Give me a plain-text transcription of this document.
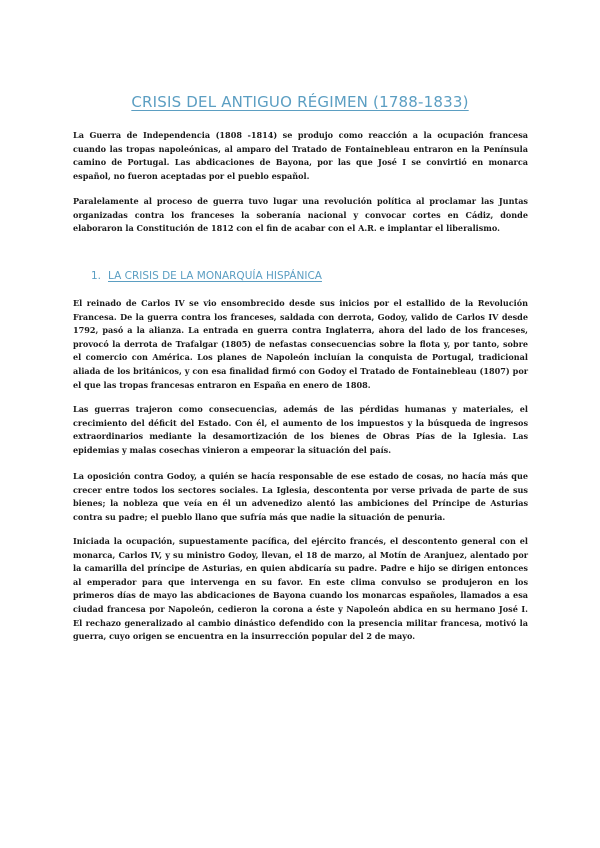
CRISIS DEL ANTIGUO RÉGIMEN (1788-1833)

La Guerra de Independencia (1808 -1814) se produjo como reacción a la ocupación francesa cuando las tropas napoleónicas, al amparo del Tratado de Fontainebleau entraron en la Península camino de Portugal. Las abdicaciones de Bayona, por las que José I se convirtió en monarca español, no fueron aceptadas por el pueblo español.

Paralelamente al proceso de guerra tuvo lugar una revolución política al proclamar las Juntas organizadas contra los franceses la soberanía nacional y convocar cortes en Cádiz, donde elaboraron la Constitución de 1812 con el fin de acabar con el A.R. e implantar el liberalismo.

1. LA CRISIS DE LA MONARQUÍA HISPÁNICA

El reinado de Carlos IV se vio ensombrecido desde sus inicios por el estallido de la Revolución Francesa. De la guerra contra los franceses, saldada con derrota, Godoy, valido de Carlos IV desde 1792, pasó a la alianza. La entrada en guerra contra Inglaterra, ahora del lado de los franceses, provocó la derrota de Trafalgar (1805) de nefastas consecuencias sobre la flota y, por tanto, sobre el comercio con América. Los planes de Napoleón incluían la conquista de Portugal, tradicional aliada de los británicos, y con esa finalidad firmó con Godoy el Tratado de Fontainebleau (1807) por el que las tropas francesas entraron en España en enero de 1808.

Las guerras trajeron como consecuencias, además de las pérdidas humanas y materiales, el crecimiento del déficit del Estado. Con él, el aumento de los impuestos y la búsqueda de ingresos extraordinarios mediante la desamortización de los bienes de Obras Pías de la Iglesia. Las epidemias y malas cosechas vinieron a empeorar la situación del país.

La oposición contra Godoy, a quién se hacía responsable de ese estado de cosas, no hacía más que crecer entre todos los sectores sociales. La Iglesia, descontenta por verse privada de parte de sus bienes; la nobleza que veía en él un advenedizo alentó las ambiciones del Príncipe de Asturias contra su padre; el pueblo llano que sufría más que nadie la situación de penuria.

Iniciada la ocupación, supuestamente pacífica, del ejército francés, el descontento general con el monarca, Carlos IV, y su ministro Godoy, llevan, el 18 de marzo, al Motín de Aranjuez, alentado por la camarilla del príncipe de Asturias, en quien abdicaría su padre. Padre e hijo se dirigen entonces al emperador para que intervenga en su favor. En este clima convulso se produjeron en los primeros días de mayo las abdicaciones de Bayona cuando los monarcas españoles, llamados a esa ciudad francesa por Napoleón, cedieron la corona a éste y Napoleón abdica en su hermano José I. El rechazo generalizado al cambio dinástico defendido con la presencia militar francesa, motivó la guerra, cuyo origen se encuentra en la insurrección popular del 2 de mayo.
